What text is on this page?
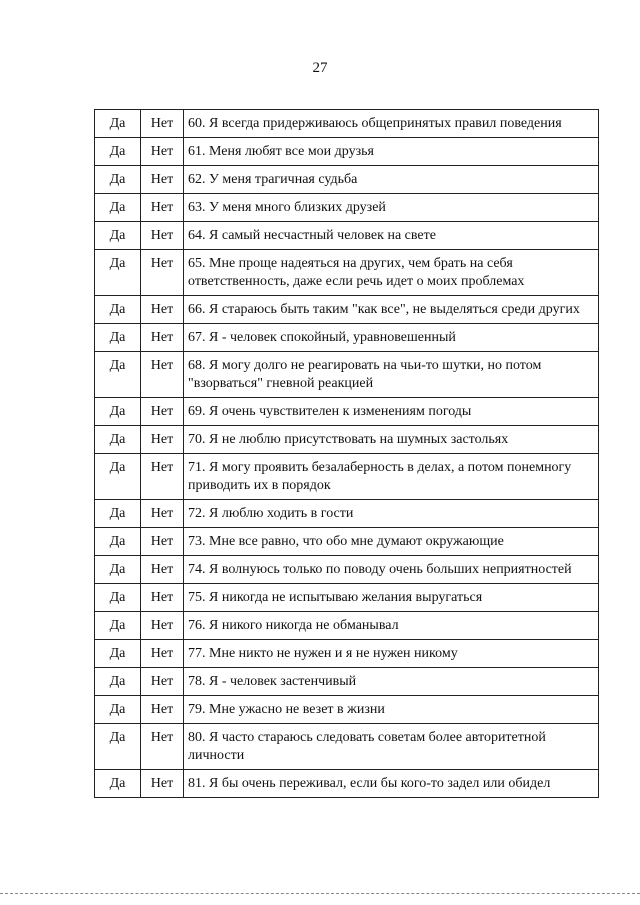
27
Да	Нет	60. Я всегда придерживаюсь общепринятых правил поведения
Да	Нет	61. Меня любят все мои друзья
Да	Нет	62. У меня трагичная судьба
Да	Нет	63. У меня много близких друзей
Да	Нет	64. Я самый несчастный человек на свете
Да	Нет	65. Мне проще надеяться на других, чем брать на себя ответственность, даже если речь идет о моих проблемах
Да	Нет	66. Я стараюсь быть таким "как все", не выделяться среди других
Да	Нет	67. Я - человек спокойный, уравновешенный
Да	Нет	68. Я могу долго не реагировать на чьи-то шутки, но потом "взорваться" гневной реакцией
Да	Нет	69. Я очень чувствителен к изменениям погоды
Да	Нет	70. Я не люблю присутствовать на шумных застольях
Да	Нет	71. Я могу проявить безалаберность в делах, а потом понемногу приводить их в порядок
Да	Нет	72. Я люблю ходить в гости
Да	Нет	73. Мне все равно, что обо мне думают окружающие
Да	Нет	74. Я волнуюсь только по поводу очень больших неприятностей
Да	Нет	75. Я никогда не испытываю желания выругаться
Да	Нет	76. Я никого никогда не обманывал
Да	Нет	77. Мне никто не нужен и я не нужен никому
Да	Нет	78. Я - человек застенчивый
Да	Нет	79. Мне ужасно не везет в жизни
Да	Нет	80. Я часто стараюсь следовать советам более авторитетной личности
Да	Нет	81. Я бы очень переживал, если бы кого-то задел или обидел
